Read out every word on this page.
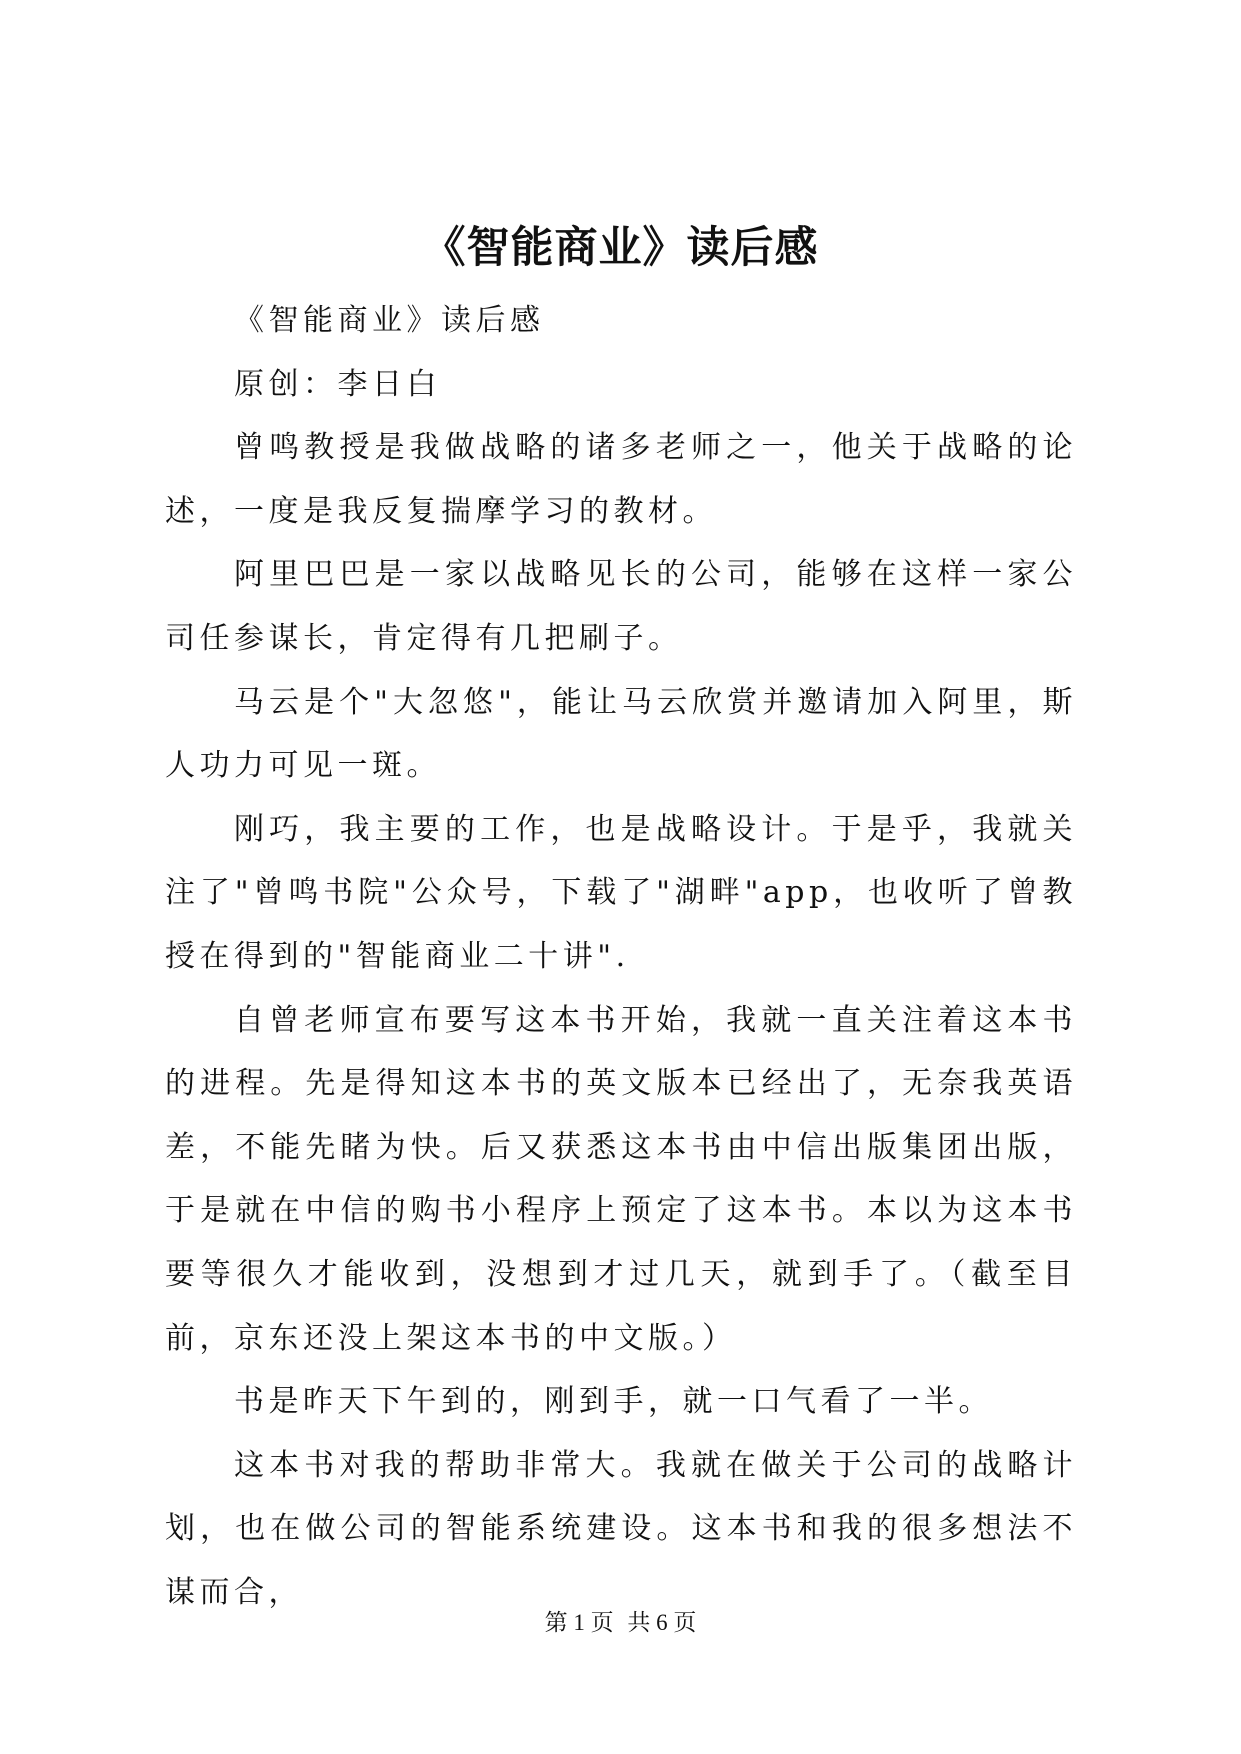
《智能商业》读后感

《智能商业》读后感

原创：李日白

曾鸣教授是我做战略的诸多老师之一，他关于战略的论述，一度是我反复揣摩学习的教材。

阿里巴巴是一家以战略见长的公司，能够在这样一家公司任参谋长，肯定得有几把刷子。

马云是个"大忽悠"，能让马云欣赏并邀请加入阿里，斯人功力可见一斑。

刚巧，我主要的工作，也是战略设计。于是乎，我就关注了"曾鸣书院"公众号，下载了"湖畔"app，也收听了曾教授在得到的"智能商业二十讲".

自曾老师宣布要写这本书开始，我就一直关注着这本书的进程。先是得知这本书的英文版本已经出了，无奈我英语差，不能先睹为快。后又获悉这本书由中信出版集团出版，于是就在中信的购书小程序上预定了这本书。本以为这本书要等很久才能收到，没想到才过几天，就到手了。（截至目前，京东还没上架这本书的中文版。）

书是昨天下午到的，刚到手，就一口气看了一半。

这本书对我的帮助非常大。我就在做关于公司的战略计划，也在做公司的智能系统建设。这本书和我的很多想法不谋而合，

第 1 页 共 6 页
